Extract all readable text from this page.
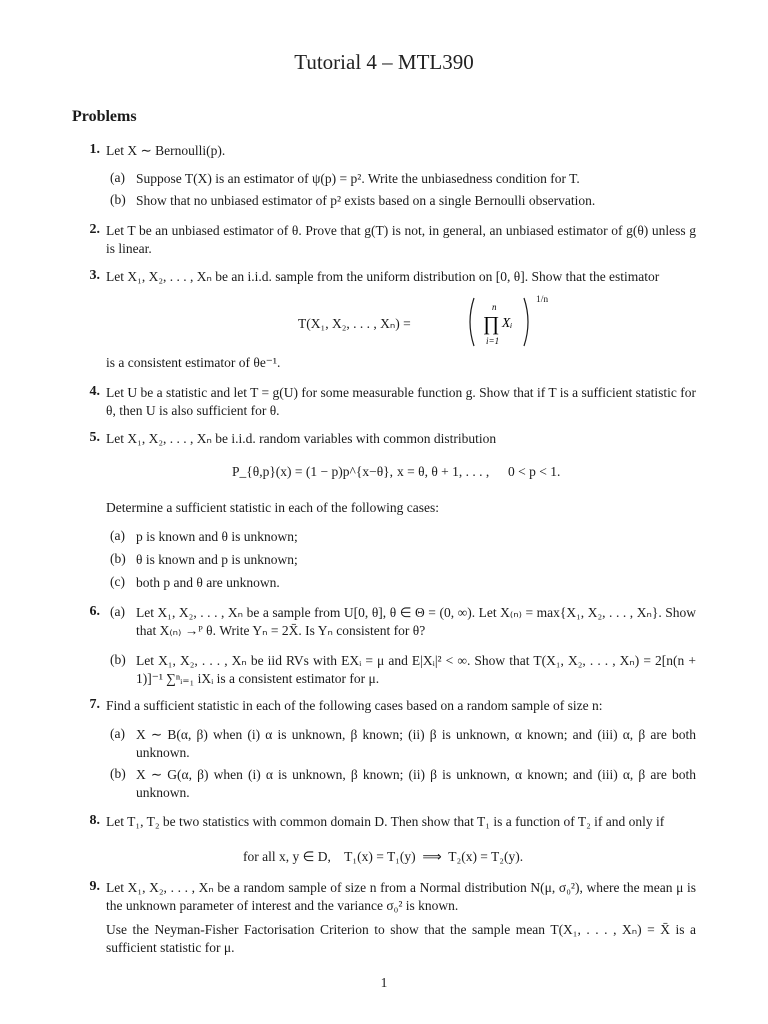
Tutorial 4 – MTL390
Problems
1. Let X ∼ Bernoulli(p).
(a) Suppose T(X) is an estimator of ψ(p) = p². Write the unbiasedness condition for T.
(b) Show that no unbiased estimator of p² exists based on a single Bernoulli observation.
2. Let T be an unbiased estimator of θ. Prove that g(T) is not, in general, an unbiased estimator of g(θ) unless g is linear.
3. Let X₁, X₂, . . . , Xₙ be an i.i.d. sample from the uniform distribution on [0, θ]. Show that the estimator
T(X₁, X₂, . . . , Xₙ) =
n
∏
i=1
Xᵢ
1/n
is a consistent estimator of θe⁻¹.
4. Let U be a statistic and let T = g(U) for some measurable function g. Show that if T is a sufficient statistic for θ, then U is also sufficient for θ.
5. Let X₁, X₂, . . . , Xₙ be i.i.d. random variables with common distribution
P_{θ,p}(x) = (1 − p)p^{x−θ}, x = θ, θ + 1, . . . , 0 < p < 1.
Determine a sufficient statistic in each of the following cases:
(a) p is known and θ is unknown;
(b) θ is known and p is unknown;
(c) both p and θ are unknown.
6. (a) Let X₁, X₂, . . . , Xₙ be a sample from U[0, θ], θ ∈ Θ = (0, ∞). Let X₍ₙ₎ = max{X₁, X₂, . . . , Xₙ}. Show that X₍ₙ₎ →ᴾ θ. Write Yₙ = 2X̄. Is Yₙ consistent for θ?
(b) Let X₁, X₂, . . . , Xₙ be iid RVs with EXᵢ = μ and E|Xᵢ|² < ∞. Show that T(X₁, X₂, . . . , Xₙ) = 2[n(n + 1)]⁻¹ ∑ⁿᵢ₌₁ iXᵢ is a consistent estimator for μ.
7. Find a sufficient statistic in each of the following cases based on a random sample of size n:
(a) X ∼ B(α, β) when (i) α is unknown, β known; (ii) β is unknown, α known; and (iii) α, β are both unknown.
(b) X ∼ G(α, β) when (i) α is unknown, β known; (ii) β is unknown, α known; and (iii) α, β are both unknown.
8. Let T₁, T₂ be two statistics with common domain D. Then show that T₁ is a function of T₂ if and only if
for all x, y ∈ D,    T₁(x) = T₁(y)  ⟹  T₂(x) = T₂(y).
9. Let X₁, X₂, . . . , Xₙ be a random sample of size n from a Normal distribution N(μ, σ₀²), where the mean μ is the unknown parameter of interest and the variance σ₀² is known.
Use the Neyman-Fisher Factorisation Criterion to show that the sample mean T(X₁, . . . , Xₙ) = X̄ is a sufficient statistic for μ.
1
